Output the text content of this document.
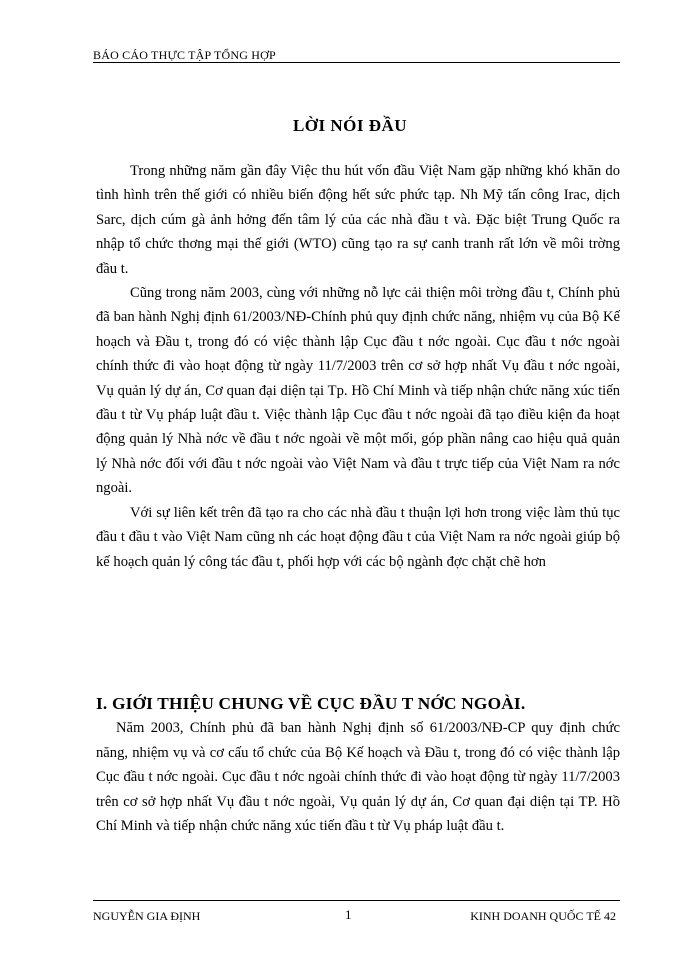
BÁO CÁO THỰC TẬP TỔNG HỢP
LỜI NÓI ĐẦU

Trong những năm gần đây Việc thu hút vốn đầu Việt Nam gặp những khó khăn do tình hình trên thế giới có nhiều biến động hết sức phức tạp. Nh Mỹ tấn công Irac, dịch Sarc, dịch cúm gà ảnh hởng đến tâm lý của các nhà đầu t và. Đặc biệt Trung Quốc ra nhập tổ chức thơng mại thế giới (WTO) cũng tạo ra sự canh tranh rất lớn về môi trờng đầu t.

Cũng trong năm 2003, cùng với những nỗ lực cải thiện môi trờng đầu t, Chính phủ đã ban hành Nghị định 61/2003/NĐ-Chính phủ quy định chức năng, nhiệm vụ của Bộ Kế hoạch và Đầu t, trong đó có việc thành lập Cục đầu t nớc ngoài. Cục đầu t nớc ngoài chính thức đi vào hoạt động từ ngày 11/7/2003 trên cơ sở hợp nhất Vụ đầu t nớc ngoài, Vụ quản lý dự án, Cơ quan đại diện tại Tp. Hồ Chí Minh và tiếp nhận chức năng xúc tiến đầu t từ Vụ pháp luật đầu t. Việc thành lập Cục đầu t nớc ngoài đã tạo điều kiện đa hoạt động quản lý Nhà nớc về đầu t nớc ngoài về một mối, góp phần nâng cao hiệu quả quản lý Nhà nớc đối với đầu t nớc ngoài vào Việt Nam và đầu t trực tiếp của Việt Nam ra nớc ngoài.

Với sự liên kết trên đã tạo ra cho các nhà đầu t thuận lợi hơn trong việc làm thủ tục đầu t đầu t vào Việt Nam cũng nh các hoạt động đầu t của Việt Nam ra nớc ngoài giúp bộ kế hoạch quản lý công tác đầu t, phối hợp với các bộ ngành đợc chặt chẽ hơn

I. GIỚI THIỆU CHUNG VỀ CỤC ĐẦU T NỚC NGOÀI.

Năm 2003, Chính phủ đã ban hành Nghị định số 61/2003/NĐ-CP quy định chức năng, nhiệm vụ và cơ cấu tổ chức của Bộ Kế hoạch và Đầu t, trong đó có việc thành lập Cục đầu t nớc ngoài. Cục đầu t nớc ngoài chính thức đi vào hoạt động từ ngày 11/7/2003 trên cơ sở hợp nhất Vụ đầu t nớc ngoài, Vụ quản lý dự án, Cơ quan đại diện tại TP. Hồ Chí Minh và tiếp nhận chức năng xúc tiến đầu t từ Vụ pháp luật đầu t.

NGUYỄN GIA ĐỊNH	1	KINH DOANH QUỐC TẾ 42
